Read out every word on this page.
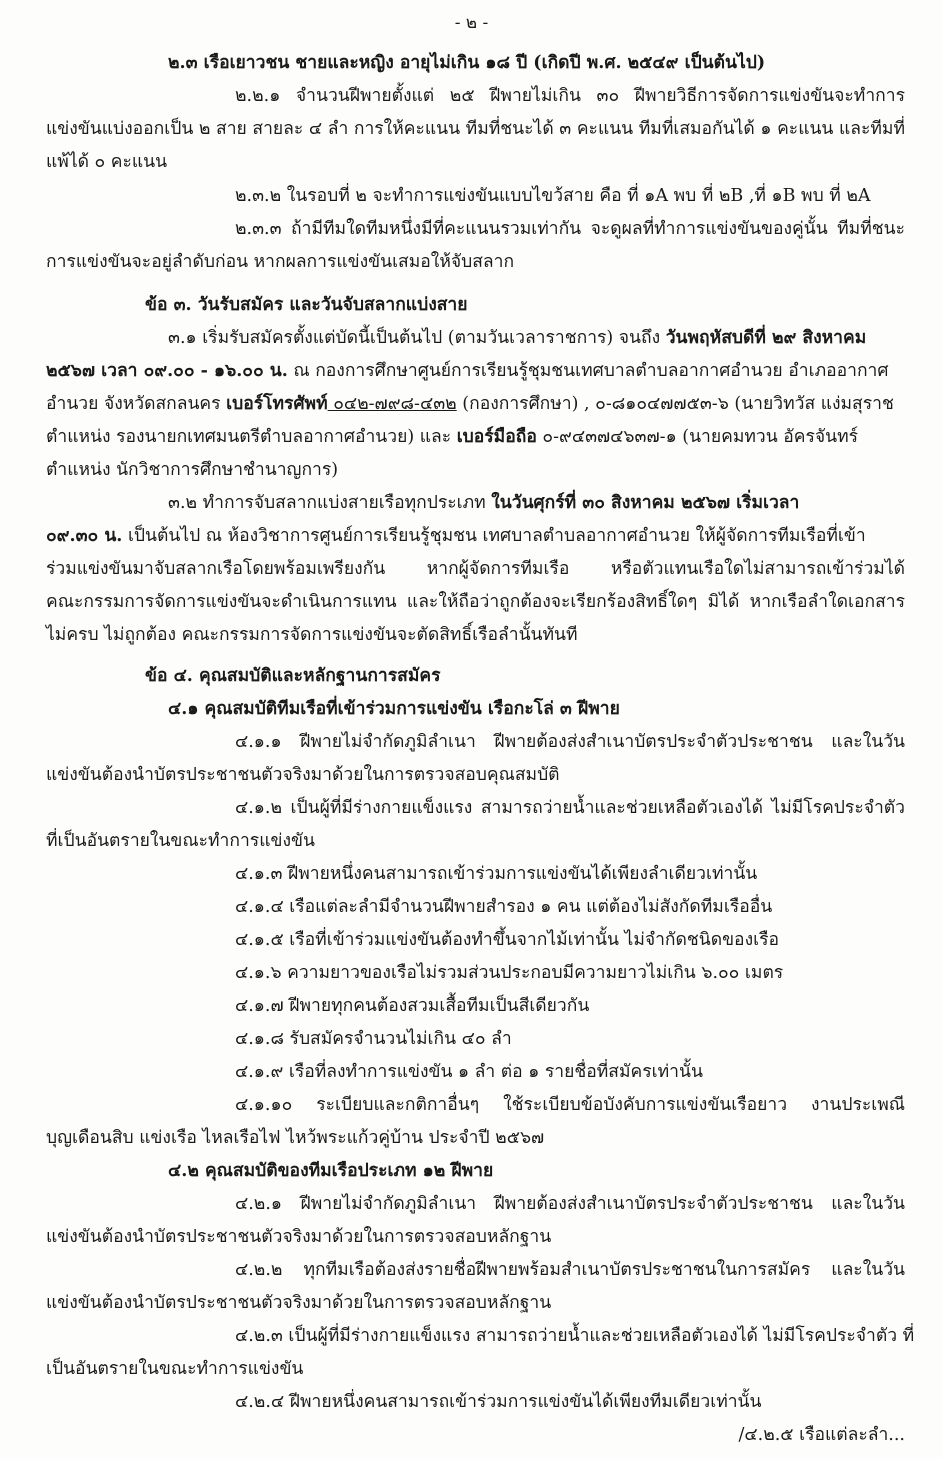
- ๒ -
๒.๓ เรือเยาวชน ชายและหญิง อายุไม่เกิน ๑๘ ปี (เกิดปี พ.ศ. ๒๕๔๙ เป็นต้นไป)
๒.๒.๑ จำนวนฝีพายตั้งแต่ ๒๕ ฝีพายไม่เกิน ๓๐ ฝีพายวิธีการจัดการแข่งขันจะทำการ
แข่งขันแบ่งออกเป็น ๒ สาย สายละ ๔ ลำ การให้คะแนน ทีมที่ชนะได้ ๓ คะแนน ทีมที่เสมอกันได้ ๑ คะแนน และทีมที่
แพ้ได้ ๐ คะแนน
๒.๓.๒ ในรอบที่ ๒ จะทำการแข่งขันแบบไขว้สาย คือ ที่ ๑A พบ ที่ ๒B ,ที่ ๑B พบ ที่ ๒A
๒.๓.๓ ถ้ามีทีมใดทีมหนึ่งมีที่คะแนนรวมเท่ากัน จะดูผลที่ทำการแข่งขันของคู่นั้น ทีมที่ชนะ
การแข่งขันจะอยู่ลำดับก่อน หากผลการแข่งขันเสมอให้จับสลาก
ข้อ ๓. วันรับสมัคร และวันจับสลากแบ่งสาย
๓.๑ เริ่มรับสมัครตั้งแต่บัดนี้เป็นต้นไป (ตามวันเวลาราชการ) จนถึง วันพฤหัสบดีที่ ๒๙ สิงหาคม
๒๕๖๗ เวลา ๐๙.๐๐ - ๑๖.๐๐ น. ณ กองการศึกษาศูนย์การเรียนรู้ชุมชนเทศบาลตำบลอากาศอำนวย อำเภออากาศ
อำนวย จังหวัดสกลนคร เบอร์โทรศัพท์ ๐๔๒-๗๙๘-๔๓๒ (กองการศึกษา) , ๐-๘๑๐๔๗๗๕๓-๖ (นายวิทวัส แง่มสุราช
ตำแหน่ง รองนายกเทศมนตรีตำบลอากาศอำนวย) และ เบอร์มือถือ ๐-๙๔๓๗๔๖๓๗-๑ (นายคมทวน อัครจันทร์
ตำแหน่ง นักวิชาการศึกษาชำนาญการ)
๓.๒ ทำการจับสลากแบ่งสายเรือทุกประเภท ในวันศุกร์ที่ ๓๐ สิงหาคม ๒๕๖๗ เริ่มเวลา
๐๙.๓๐ น. เป็นต้นไป ณ ห้องวิชาการศูนย์การเรียนรู้ชุมชน เทศบาลตำบลอากาศอำนวย ให้ผู้จัดการทีมเรือที่เข้า
ร่วมแข่งขันมาจับสลากเรือโดยพร้อมเพรียงกัน หากผู้จัดการทีมเรือ หรือตัวแทนเรือใดไม่สามารถเข้าร่วมได้
คณะกรรมการจัดการแข่งขันจะดำเนินการแทน และให้ถือว่าถูกต้องจะเรียกร้องสิทธิ์ใดๆ มิได้ หากเรือลำใดเอกสาร
ไม่ครบ ไม่ถูกต้อง คณะกรรมการจัดการแข่งขันจะตัดสิทธิ์เรือลำนั้นทันที
ข้อ ๔. คุณสมบัติและหลักฐานการสมัคร
๔.๑ คุณสมบัติทีมเรือที่เข้าร่วมการแข่งขัน เรือกะโล่ ๓ ฝีพาย
๔.๑.๑ ฝีพายไม่จำกัดภูมิลำเนา ฝีพายต้องส่งสำเนาบัตรประจำตัวประชาชน และในวัน
แข่งขันต้องนำบัตรประชาชนตัวจริงมาด้วยในการตรวจสอบคุณสมบัติ
๔.๑.๒ เป็นผู้ที่มีร่างกายแข็งแรง สามารถว่ายน้ำและช่วยเหลือตัวเองได้ ไม่มีโรคประจำตัว
ที่เป็นอันตรายในขณะทำการแข่งขัน
๔.๑.๓ ฝีพายหนึ่งคนสามารถเข้าร่วมการแข่งขันได้เพียงลำเดียวเท่านั้น
๔.๑.๔ เรือแต่ละลำมีจำนวนฝีพายสำรอง ๑ คน แต่ต้องไม่สังกัดทีมเรืออื่น
๔.๑.๕ เรือที่เข้าร่วมแข่งขันต้องทำขึ้นจากไม้เท่านั้น ไม่จำกัดชนิดของเรือ
๔.๑.๖ ความยาวของเรือไม่รวมส่วนประกอบมีความยาวไม่เกิน ๖.๐๐ เมตร
๔.๑.๗ ฝีพายทุกคนต้องสวมเสื้อทีมเป็นสีเดียวกัน
๔.๑.๘ รับสมัครจำนวนไม่เกิน ๔๐ ลำ
๔.๑.๙ เรือที่ลงทำการแข่งขัน ๑ ลำ ต่อ ๑ รายชื่อที่สมัครเท่านั้น
๔.๑.๑๐ ระเบียบและกติกาอื่นๆ ใช้ระเบียบข้อบังคับการแข่งขันเรือยาว งานประเพณี
บุญเดือนสิบ แข่งเรือ ไหลเรือไฟ ไหว้พระแก้วคู่บ้าน ประจำปี ๒๕๖๗
๔.๒ คุณสมบัติของทีมเรือประเภท ๑๒ ฝีพาย
๔.๒.๑ ฝีพายไม่จำกัดภูมิลำเนา ฝีพายต้องส่งสำเนาบัตรประจำตัวประชาชน และในวัน
แข่งขันต้องนำบัตรประชาชนตัวจริงมาด้วยในการตรวจสอบหลักฐาน
๔.๒.๒ ทุกทีมเรือต้องส่งรายชื่อฝีพายพร้อมสำเนาบัตรประชาชนในการสมัคร และในวัน
แข่งขันต้องนำบัตรประชาชนตัวจริงมาด้วยในการตรวจสอบหลักฐาน
๔.๒.๓ เป็นผู้ที่มีร่างกายแข็งแรง สามารถว่ายน้ำและช่วยเหลือตัวเองได้ ไม่มีโรคประจำตัว ที่
เป็นอันตรายในขณะทำการแข่งขัน
๔.๒.๔ ฝีพายหนึ่งคนสามารถเข้าร่วมการแข่งขันได้เพียงทีมเดียวเท่านั้น
/๔.๒.๕ เรือแต่ละลำ...
